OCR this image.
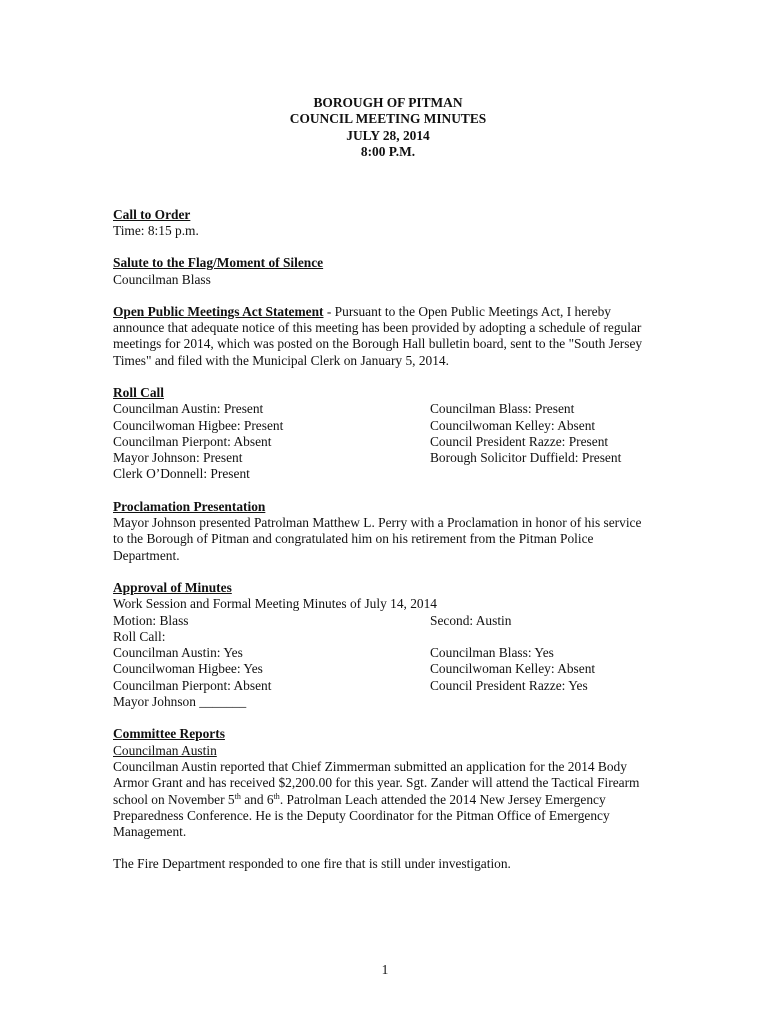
BOROUGH OF PITMAN
COUNCIL MEETING MINUTES
JULY 28, 2014
8:00 P.M.
Call to Order
Time: 8:15 p.m.
Salute to the Flag/Moment of Silence
Councilman Blass

Open Public Meetings Act Statement - Pursuant to the Open Public Meetings Act, I hereby announce that adequate notice of this meeting has been provided by adopting a schedule of regular meetings for 2014, which was posted on the Borough Hall bulletin board, sent to the "South Jersey Times" and filed with the Municipal Clerk on January 5, 2014.

Roll Call
Councilman Austin: Present	Councilman Blass: Present
Councilwoman Higbee: Present	Councilwoman Kelley: Absent
Councilman Pierpont: Absent	Council President Razze: Present
Mayor Johnson: Present	Borough Solicitor Duffield: Present
Clerk O’Donnell: Present
Proclamation Presentation

Mayor Johnson presented Patrolman Matthew L. Perry with a Proclamation in honor of his service to the Borough of Pitman and congratulated him on his retirement from the Pitman Police Department.

Approval of Minutes
Work Session and Formal Meeting Minutes of July 14, 2014
Motion: Blass	Second: Austin
Roll Call:
Councilman Austin: Yes	Councilman Blass: Yes
Councilwoman Higbee: Yes	Councilwoman Kelley: Absent
Councilman Pierpont: Absent	Council President Razze: Yes
Mayor Johnson _______
Committee Reports
Councilman Austin

Councilman Austin reported that Chief Zimmerman submitted an application for the 2014 Body Armor Grant and has received $2,200.00 for this year. Sgt. Zander will attend the Tactical Firearm school on November 5th and 6th. Patrolman Leach attended the 2014 New Jersey Emergency Preparedness Conference. He is the Deputy Coordinator for the Pitman Office of Emergency Management.

The Fire Department responded to one fire that is still under investigation.

1
